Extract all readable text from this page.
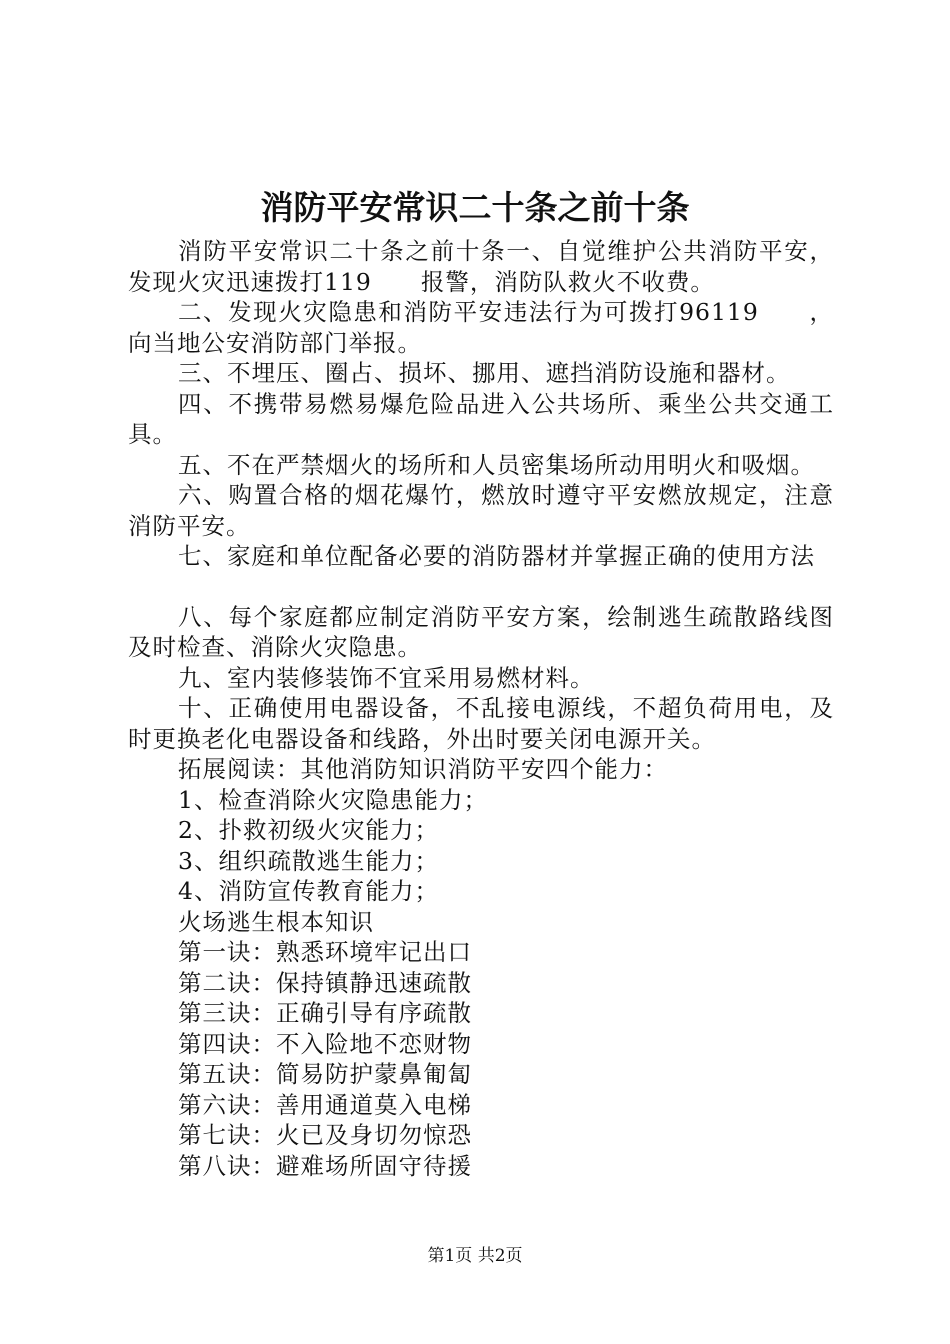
消防平安常识二十条之前十条

消防平安常识二十条之前十条一、自觉维护公共消防平安，发现火灾迅速拨打119　　报警，消防队救火不收费。

二、发现火灾隐患和消防平安违法行为可拨打96119　　，向当地公安消防部门举报。

三、不埋压、圈占、损坏、挪用、遮挡消防设施和器材。

四、不携带易燃易爆危险品进入公共场所、乘坐公共交通工具。

五、不在严禁烟火的场所和人员密集场所动用明火和吸烟。

六、购置合格的烟花爆竹，燃放时遵守平安燃放规定，注意消防平安。

七、家庭和单位配备必要的消防器材并掌握正确的使用方法

八、每个家庭都应制定消防平安方案，绘制逃生疏散路线图及时检查、消除火灾隐患。

九、室内装修装饰不宜采用易燃材料。

十、正确使用电器设备，不乱接电源线，不超负荷用电，及时更换老化电器设备和线路，外出时要关闭电源开关。

拓展阅读：其他消防知识消防平安四个能力：

1、检查消除火灾隐患能力；

2、扑救初级火灾能力；

3、组织疏散逃生能力；

4、消防宣传教育能力；

火场逃生根本知识

第一诀：熟悉环境牢记出口

第二诀：保持镇静迅速疏散

第三诀：正确引导有序疏散

第四诀：不入险地不恋财物

第五诀：简易防护蒙鼻匍匐

第六诀：善用通道莫入电梯

第七诀：火已及身切勿惊恐

第八诀：避难场所固守待援

第1页 共2页
